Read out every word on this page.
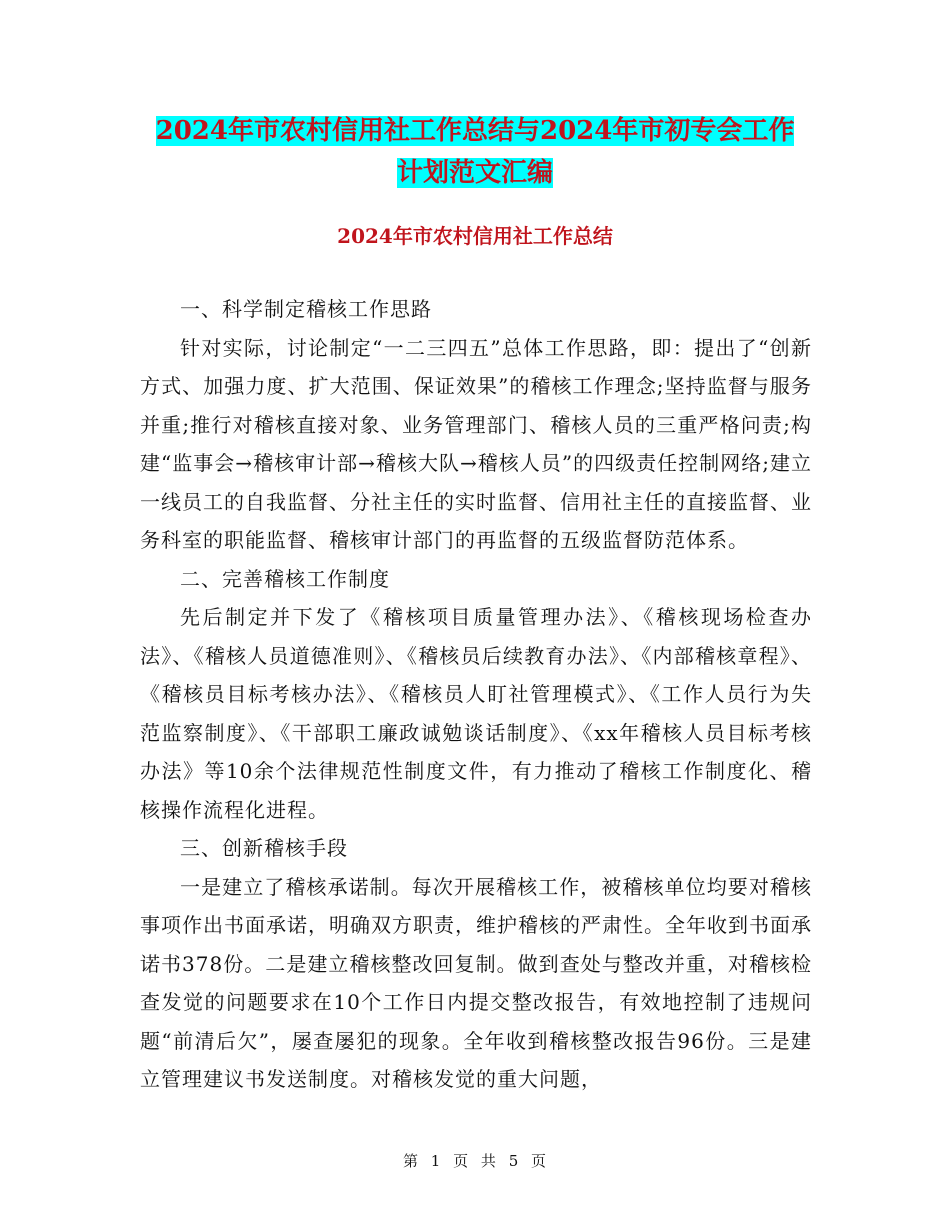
2024年市农村信用社工作总结与2024年市初专会工作
计划范文汇编
2024年市农村信用社工作总结

一、科学制定稽核工作思路

针对实际，讨论制定“一二三四五”总体工作思路，即：提出了“创新方式、加强力度、扩大范围、保证效果”的稽核工作理念;坚持监督与服务并重;推行对稽核直接对象、业务管理部门、稽核人员的三重严格问责;构建“监事会→稽核审计部→稽核大队→稽核人员”的四级责任控制网络;建立一线员工的自我监督、分社主任的实时监督、信用社主任的直接监督、业务科室的职能监督、稽核审计部门的再监督的五级监督防范体系。

二、完善稽核工作制度

先后制定并下发了《稽核项目质量管理办法》、《稽核现场检查办法》、《稽核人员道德准则》、《稽核员后续教育办法》、《内部稽核章程》、《稽核员目标考核办法》、《稽核员人盯社管理模式》、《工作人员行为失范监察制度》、《干部职工廉政诚勉谈话制度》、《xx年稽核人员目标考核办法》等10余个法律规范性制度文件，有力推动了稽核工作制度化、稽核操作流程化进程。

三、创新稽核手段

一是建立了稽核承诺制。每次开展稽核工作，被稽核单位均要对稽核事项作出书面承诺，明确双方职责，维护稽核的严肃性。全年收到书面承诺书378份。二是建立稽核整改回复制。做到查处与整改并重，对稽核检查发觉的问题要求在10个工作日内提交整改报告，有效地控制了违规问题“前清后欠”，屡查屡犯的现象。全年收到稽核整改报告96份。三是建立管理建议书发送制度。对稽核发觉的重大问题，

第 1 页 共 5 页
